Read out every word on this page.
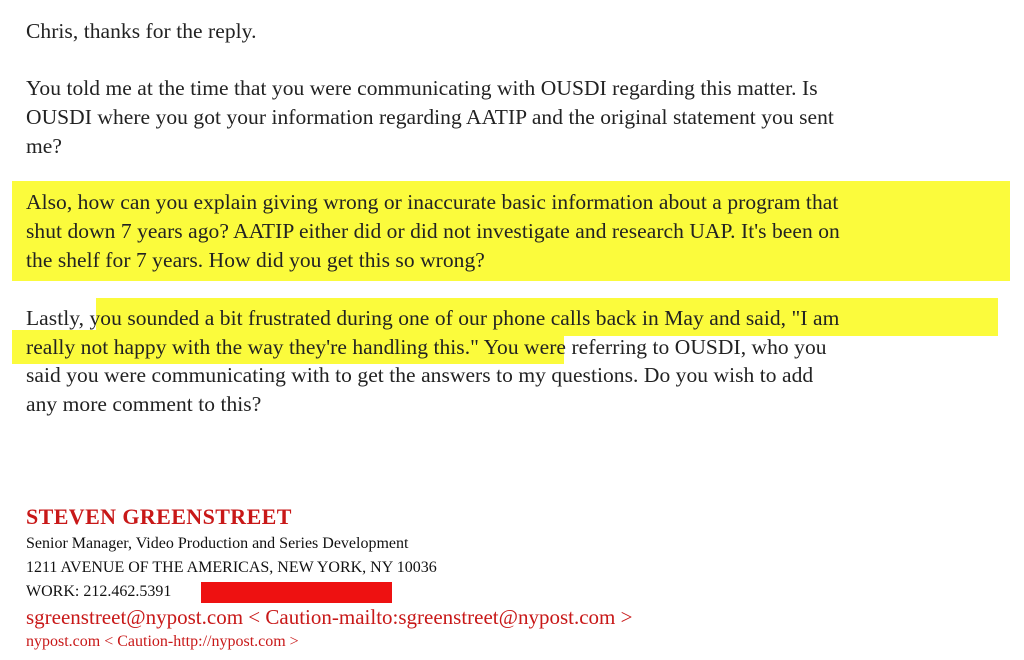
Chris, thanks for the reply.
You told me at the time that you were communicating with OUSDI regarding this matter. Is
OUSDI where you got your information regarding AATIP and the original statement you sent
me?
Also, how can you explain giving wrong or inaccurate basic information about a program that
shut down 7 years ago? AATIP either did or did not investigate and research UAP. It's been on
the shelf for 7 years. How did you get this so wrong?
Lastly, you sounded a bit frustrated during one of our phone calls back in May and said, "I am
really not happy with the way they're handling this." You were referring to OUSDI, who you
said you were communicating with to get the answers to my questions. Do you wish to add
any more comment to this?
STEVEN GREENSTREET
Senior Manager, Video Production and Series Development
1211 AVENUE OF THE AMERICAS, NEW YORK, NY 10036
WORK: 212.462.5391
sgreenstreet@nypost.com < Caution-mailto:sgreenstreet@nypost.com >
nypost.com < Caution-http://nypost.com >
